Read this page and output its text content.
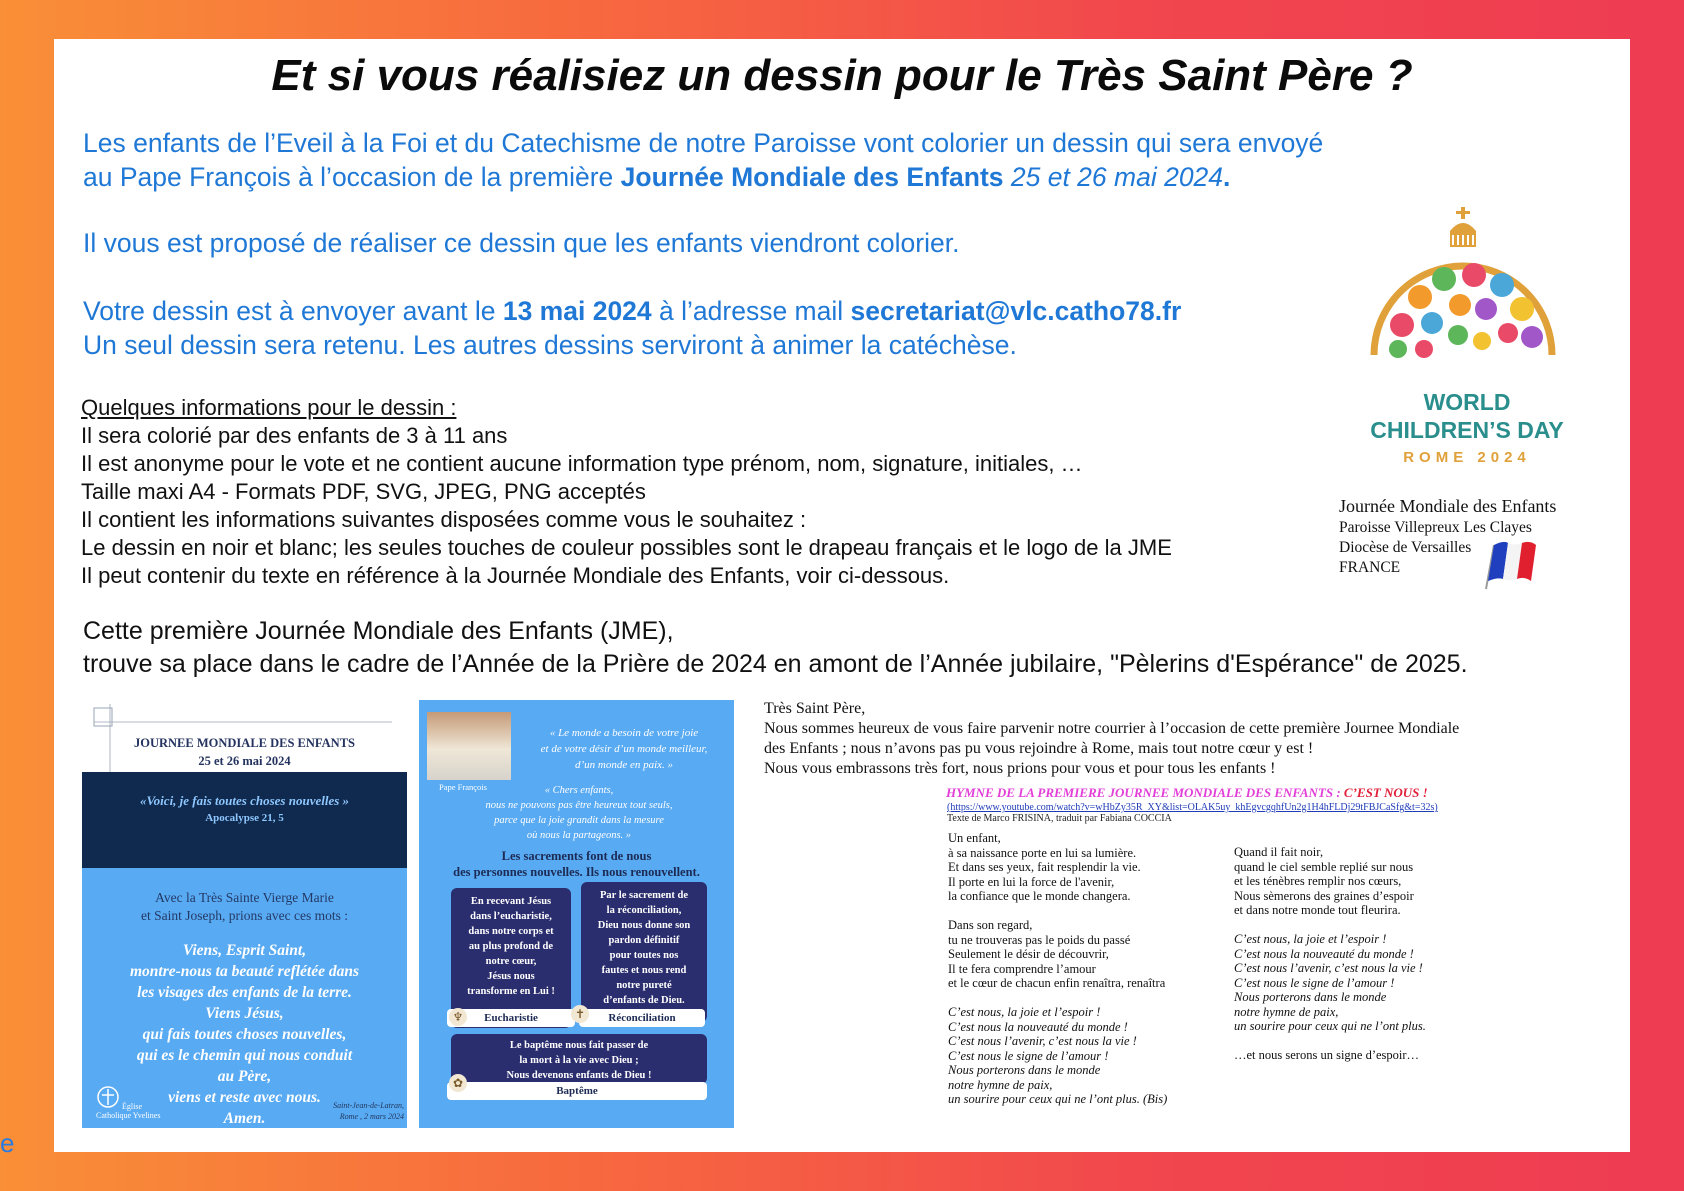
e
Et si vous réalisiez un dessin pour le Très Saint Père ?
Les enfants de l’Eveil à la Foi et du Catechisme de notre Paroisse vont colorier un dessin qui sera envoyé
au Pape François à l’occasion de la première Journée Mondiale des Enfants 25 et 26 mai 2024.
Il vous est proposé de réaliser ce dessin que les enfants viendront colorier.
Votre dessin est à envoyer avant le 13 mai 2024 à l’adresse mail secretariat@vlc.catho78.fr
Un seul dessin sera retenu. Les autres dessins serviront à animer la catéchèse.
Quelques informations pour le dessin :
Il sera colorié par des enfants de 3 à 11 ans
Il est anonyme pour le vote et ne contient aucune information type prénom, nom, signature, initiales, …
Taille maxi A4 - Formats PDF, SVG, JPEG, PNG acceptés
Il contient les informations suivantes disposées comme vous le souhaitez :
Le dessin en noir et blanc; les seules touches de couleur possibles sont le drapeau français et le logo de la JME
Il peut contenir du texte en référence à la Journée Mondiale des Enfants, voir ci-dessous.
Cette première Journée Mondiale des Enfants (JME),
trouve sa place dans le cadre de l’Année de la Prière de 2024 en amont de l’Année jubilaire, "Pèlerins d'Espérance" de 2025.
WORLD
CHILDREN’S DAY
ROME 2024
Journée Mondiale des Enfants
Paroisse Villepreux Les Clayes
Diocèse de Versailles
FRANCE
JOURNEE MONDIALE DES ENFANTS
25 et 26 mai 2024
«Voici, je fais toutes choses nouvelles »
Apocalypse 21, 5
Avec la Très Sainte Vierge Marie
et Saint Joseph, prions avec ces mots :
Viens, Esprit Saint,
montre-nous ta beauté reflétée dans
les visages des enfants de la terre.
Viens Jésus,
qui fais toutes choses nouvelles,
qui es le chemin qui nous conduit
au Père,
viens et reste avec nous.
Amen.
Église Catholique Yvelines
Saint-Jean-de-Latran,
Rome , 2 mars 2024
Pape François
« Le monde a besoin de votre joie
et de votre désir d’un monde meilleur,
d’un monde en paix. »
« Chers enfants,
nous ne pouvons pas être heureux tout seuls,
parce que la joie grandit dans la mesure
où nous la partageons. »
Les sacrements font de nous
des personnes nouvelles. Ils nous renouvellent.
En recevant Jésus
dans l’eucharistie,
dans notre corps et
au plus profond de
notre cœur,
Jésus nous
transforme en Lui !
Par le sacrement de
la réconciliation,
Dieu nous donne son
pardon définitif
pour toutes nos
fautes et nous rend
notre pureté
d’enfants de Dieu.
Eucharistie
♆	Réconciliation
✝
Le baptême nous fait passer de
la mort à la vie avec Dieu ;
Nous devenons enfants de Dieu !
Baptême
✿
Très Saint Père,
Nous sommes heureux de vous faire parvenir notre courrier à l’occasion de cette première Journee Mondiale
des Enfants ; nous n’avons pas pu vous rejoindre à Rome, mais tout notre cœur y est !
Nous vous embrassons très fort, nous prions pour vous et pour tous les enfants !
HYMNE DE LA PREMIERE JOURNEE MONDIALE DES ENFANTS : C’EST NOUS !
(https://www.youtube.com/watch?v=wHbZy35R_XY&list=OLAK5uy_khEgvcgqhfUn2g1H4hFLDj29tFBJCaSfg&t=32s)
Texte de Marco FRISINA, traduit par Fabiana COCCIA
Un enfant,
à sa naissance porte en lui sa lumière.
Et dans ses yeux, fait resplendir la vie.
Il porte en lui la force de l'avenir,
la confiance que le monde changera.
Dans son regard,
tu ne trouveras pas le poids du passé
Seulement le désir de découvrir,
Il te fera comprendre l’amour
et le cœur de chacun enfin renaîtra, renaîtra
C’est nous, la joie et l’espoir !
C’est nous la nouveauté du monde !
C’est nous l’avenir, c’est nous la vie !
C’est nous le signe de l’amour !
Nous porterons dans le monde
notre hymne de paix,
un sourire pour ceux qui ne l’ont plus. (Bis)
Quand il fait noir,
quand le ciel semble replié sur nous
et les ténèbres remplir nos cœurs,
Nous sèmerons des graines d’espoir
et dans notre monde tout fleurira.
C’est nous, la joie et l’espoir !
C’est nous la nouveauté du monde !
C’est nous l’avenir, c’est nous la vie !
C’est nous le signe de l’amour !
Nous porterons dans le monde
notre hymne de paix,
un sourire pour ceux qui ne l’ont plus.
…et nous serons un signe d’espoir…
